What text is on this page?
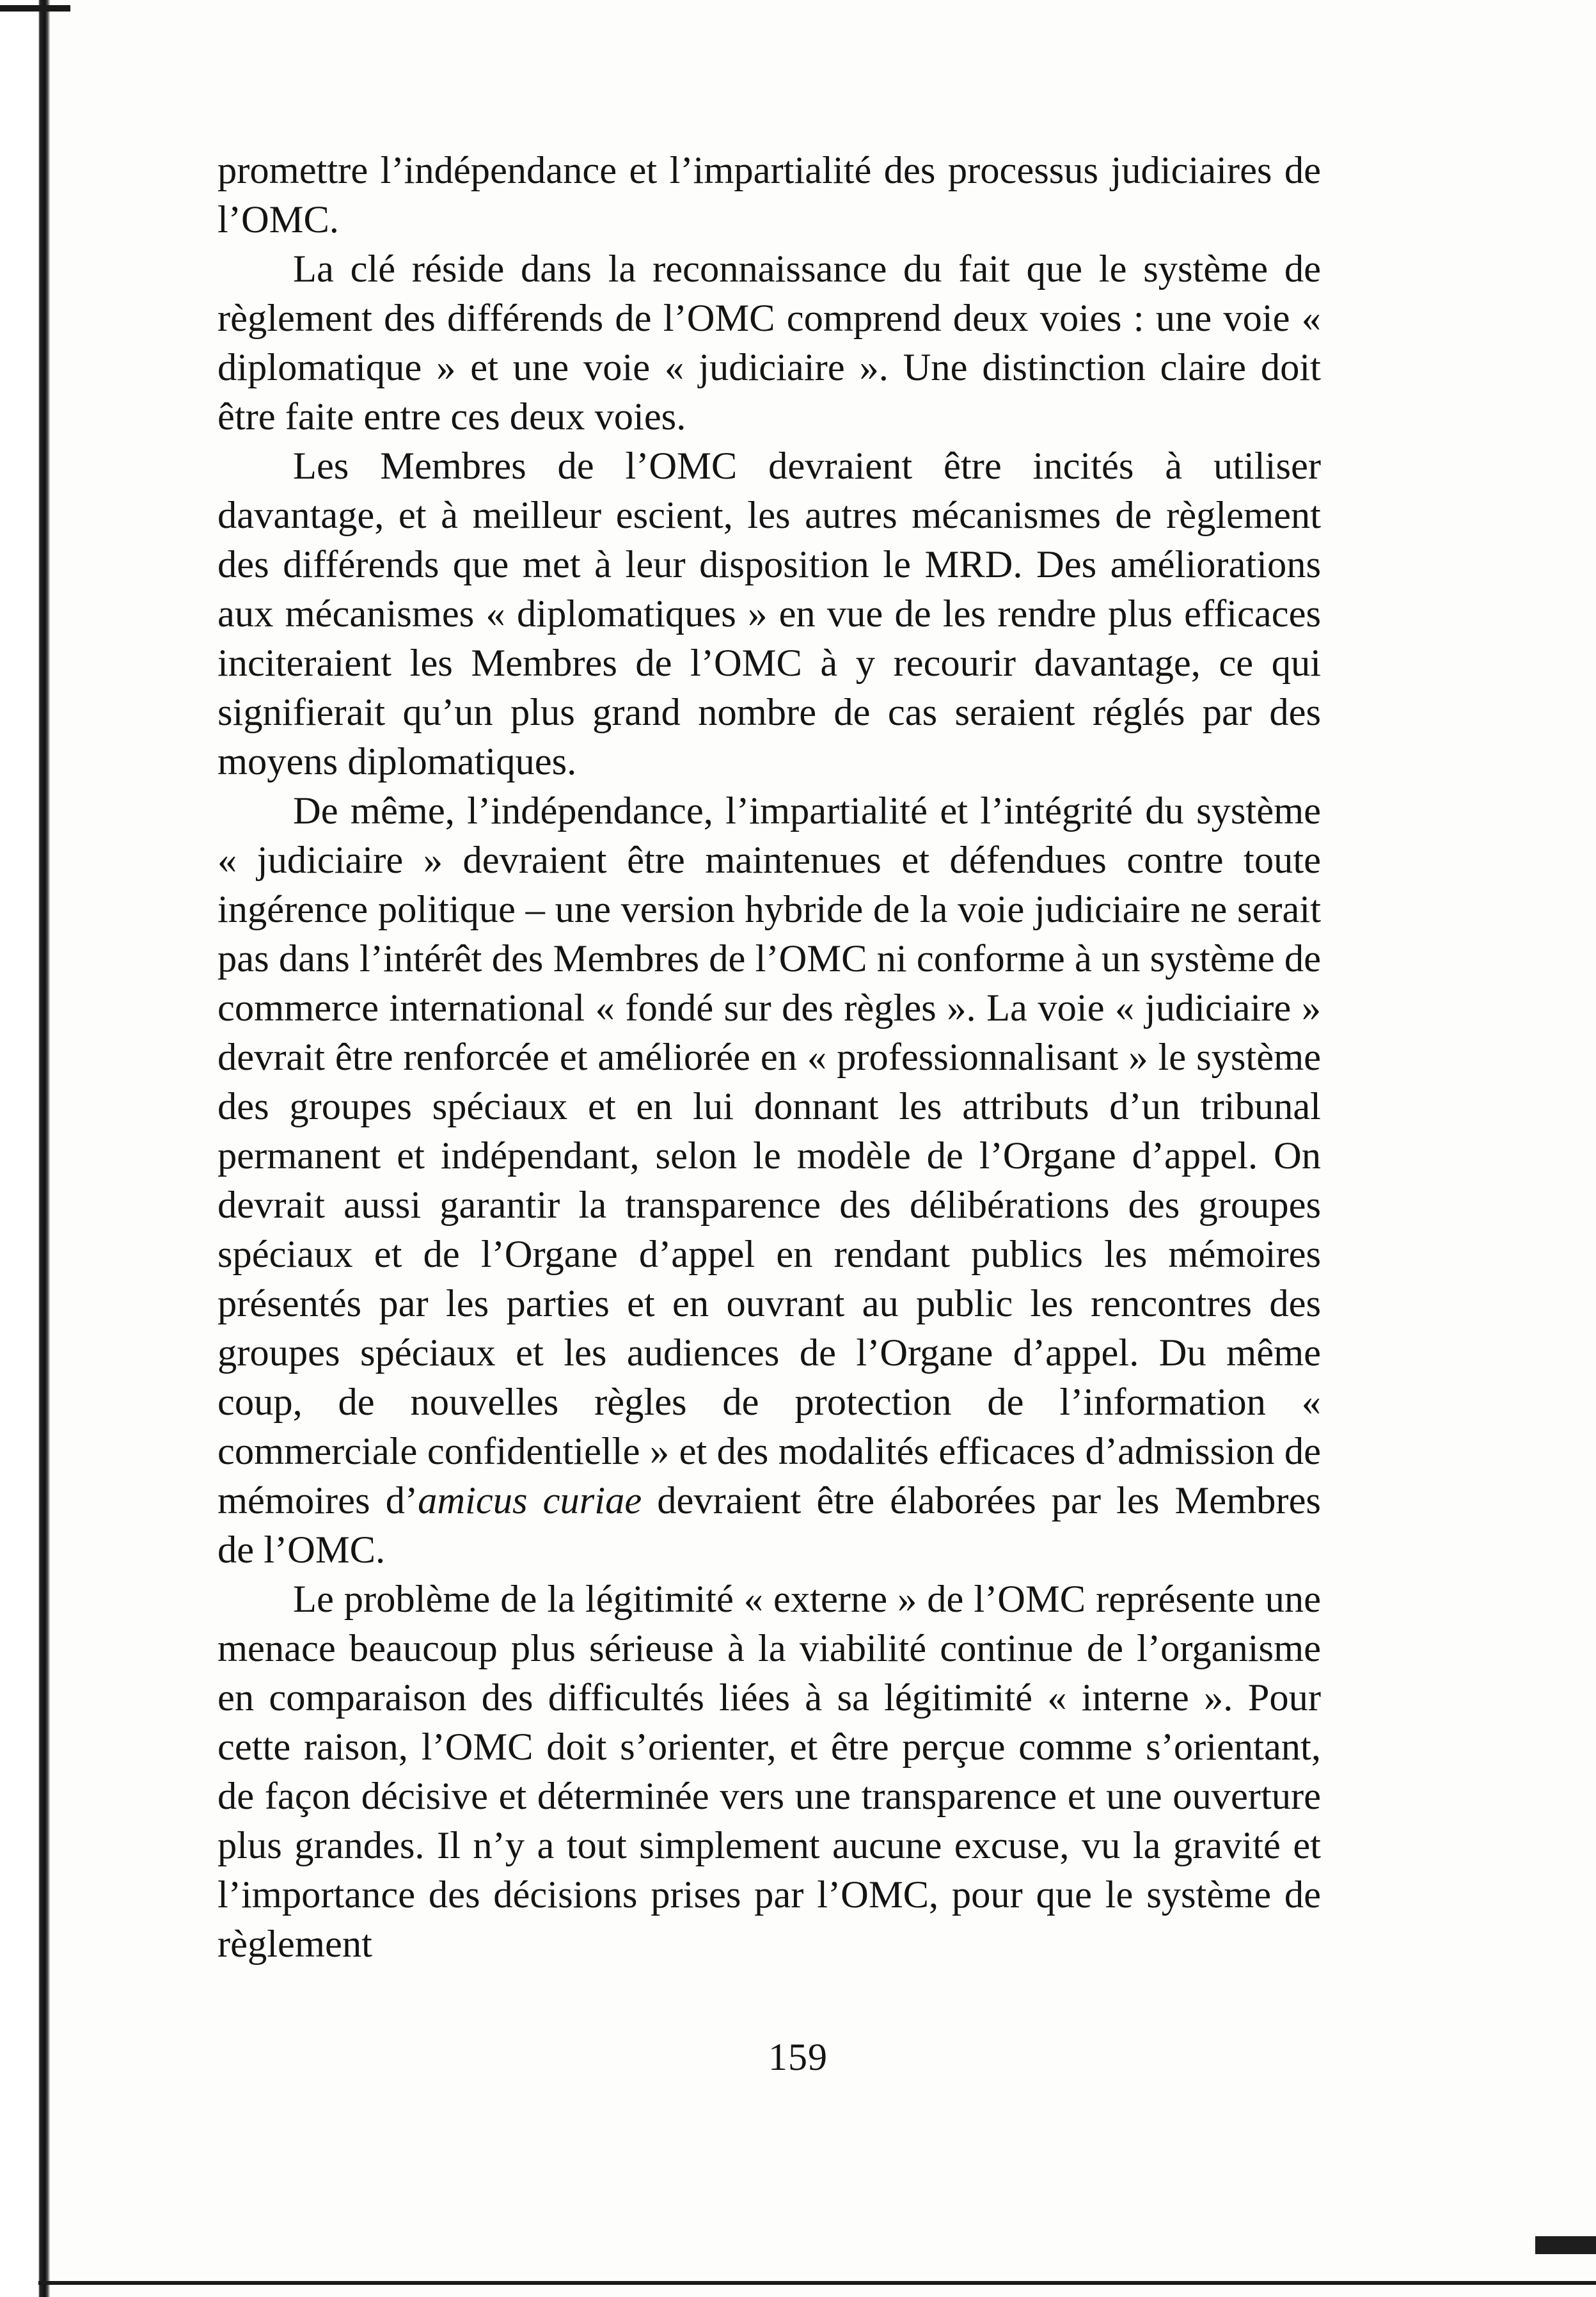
promettre l’indépendance et l’impartialité des processus judiciaires de l’OMC.

La clé réside dans la reconnaissance du fait que le système de règlement des différends de l’OMC comprend deux voies : une voie « diplomatique » et une voie « judiciaire ». Une distinction claire doit être faite entre ces deux voies.

Les Membres de l’OMC devraient être incités à utiliser davantage, et à meilleur escient, les autres mécanismes de règlement des différends que met à leur disposition le MRD. Des améliorations aux mécanismes « diplomatiques » en vue de les rendre plus efficaces inciteraient les Membres de l’OMC à y recourir davantage, ce qui signifierait qu’un plus grand nombre de cas seraient réglés par des moyens diplomatiques.

De même, l’indépendance, l’impartialité et l’intégrité du système « judiciaire » devraient être maintenues et défendues contre toute ingérence politique – une version hybride de la voie judiciaire ne serait pas dans l’intérêt des Membres de l’OMC ni conforme à un système de commerce international « fondé sur des règles ». La voie « judiciaire » devrait être renforcée et améliorée en « professionnalisant » le système des groupes spéciaux et en lui donnant les attributs d’un tribunal permanent et indépendant, selon le modèle de l’Organe d’appel. On devrait aussi garantir la transparence des délibérations des groupes spéciaux et de l’Organe d’appel en rendant publics les mémoires présentés par les parties et en ouvrant au public les rencontres des groupes spéciaux et les audiences de l’Organe d’appel. Du même coup, de nouvelles règles de protection de l’information « commerciale confidentielle » et des modalités efficaces d’admission de mémoires d’amicus curiae devraient être élaborées par les Membres de l’OMC.

Le problème de la légitimité « externe » de l’OMC représente une menace beaucoup plus sérieuse à la viabilité continue de l’organisme en comparaison des difficultés liées à sa légitimité « interne ». Pour cette raison, l’OMC doit s’orienter, et être perçue comme s’orientant, de façon décisive et déterminée vers une transparence et une ouverture plus grandes. Il n’y a tout simplement aucune excuse, vu la gravité et l’importance des décisions prises par l’OMC, pour que le système de règlement

159
